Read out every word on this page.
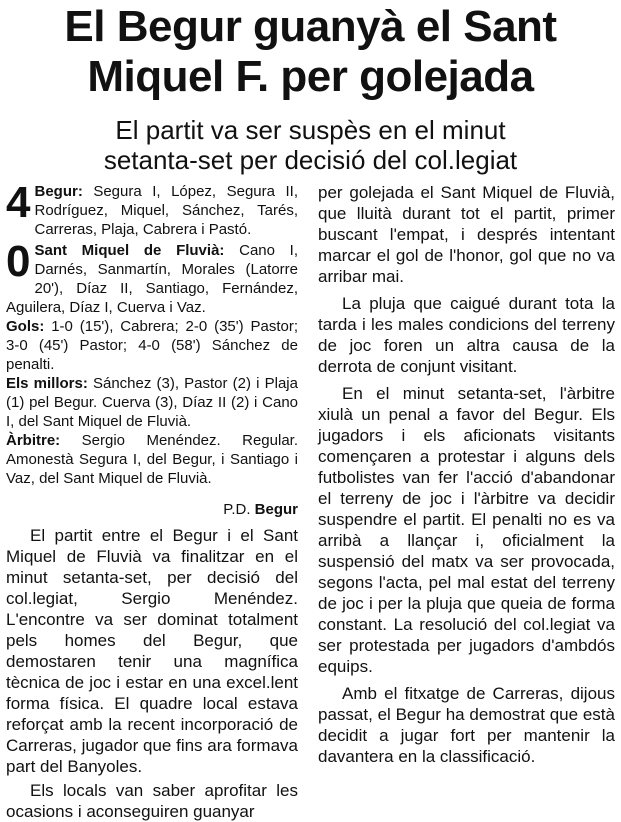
El Begur guanyà el Sant
Miquel F. per golejada
El partit va ser suspès en el minut
setanta-set per decisió del col.legiat
4 Begur: Segura I, López, Segura II, Rodríguez, Miquel, Sánchez, Tarés, Carreras, Plaja, Cabrera i Pastó.
0 Sant Miquel de Fluvià: Cano I, Darnés, Sanmartín, Morales (Latorre 20'), Díaz II, Santiago, Fernández, Aguilera, Díaz I, Cuerva i Vaz.

Gols: 1-0 (15'), Cabrera; 2-0 (35') Pastor; 3-0 (45') Pastor; 4-0 (58') Sánchez de penalti.

Els millors: Sánchez (3), Pastor (2) i Plaja (1) pel Begur. Cuerva (3), Díaz II (2) i Cano I, del Sant Miquel de Fluvià.

Àrbitre: Sergio Menéndez. Regular. Amonestà Segura I, del Begur, i Santiago i Vaz, del Sant Miquel de Fluvià.

P.D. Begur

El partit entre el Begur i el Sant Miquel de Fluvià va finalitzar en el minut setanta-set, per decisió del col.legiat, Sergio Menéndez. L'encontre va ser dominat totalment pels homes del Begur, que demostaren tenir una magnífica tècnica de joc i estar en una excel.lent forma física. El quadre local estava reforçat amb la recent incorporació de Carreras, jugador que fins ara formava part del Banyoles.

Els locals van saber aprofitar les ocasions i aconseguiren guanyar

per golejada el Sant Miquel de Fluvià, que lluità durant tot el partit, primer buscant l'empat, i després intentant marcar el gol de l'honor, gol que no va arribar mai.

La pluja que caigué durant tota la tarda i les males condicions del terreny de joc foren un altra causa de la derrota de conjunt visitant.

En el minut setanta-set, l'àrbitre xiulà un penal a favor del Begur. Els jugadors i els aficionats visitants començaren a protestar i alguns dels futbolistes van fer l'acció d'abandonar el terreny de joc i l'àrbitre va decidir suspendre el partit. El penalti no es va arribà a llançar i, oficialment la suspensió del matx va ser provocada, segons l'acta, pel mal estat del terreny de joc i per la pluja que queia de forma constant. La resolució del col.legiat va ser protestada per jugadors d'ambdós equips.

Amb el fitxatge de Carreras, dijous passat, el Begur ha demostrat que està decidit a jugar fort per mantenir la davantera en la classificació.
